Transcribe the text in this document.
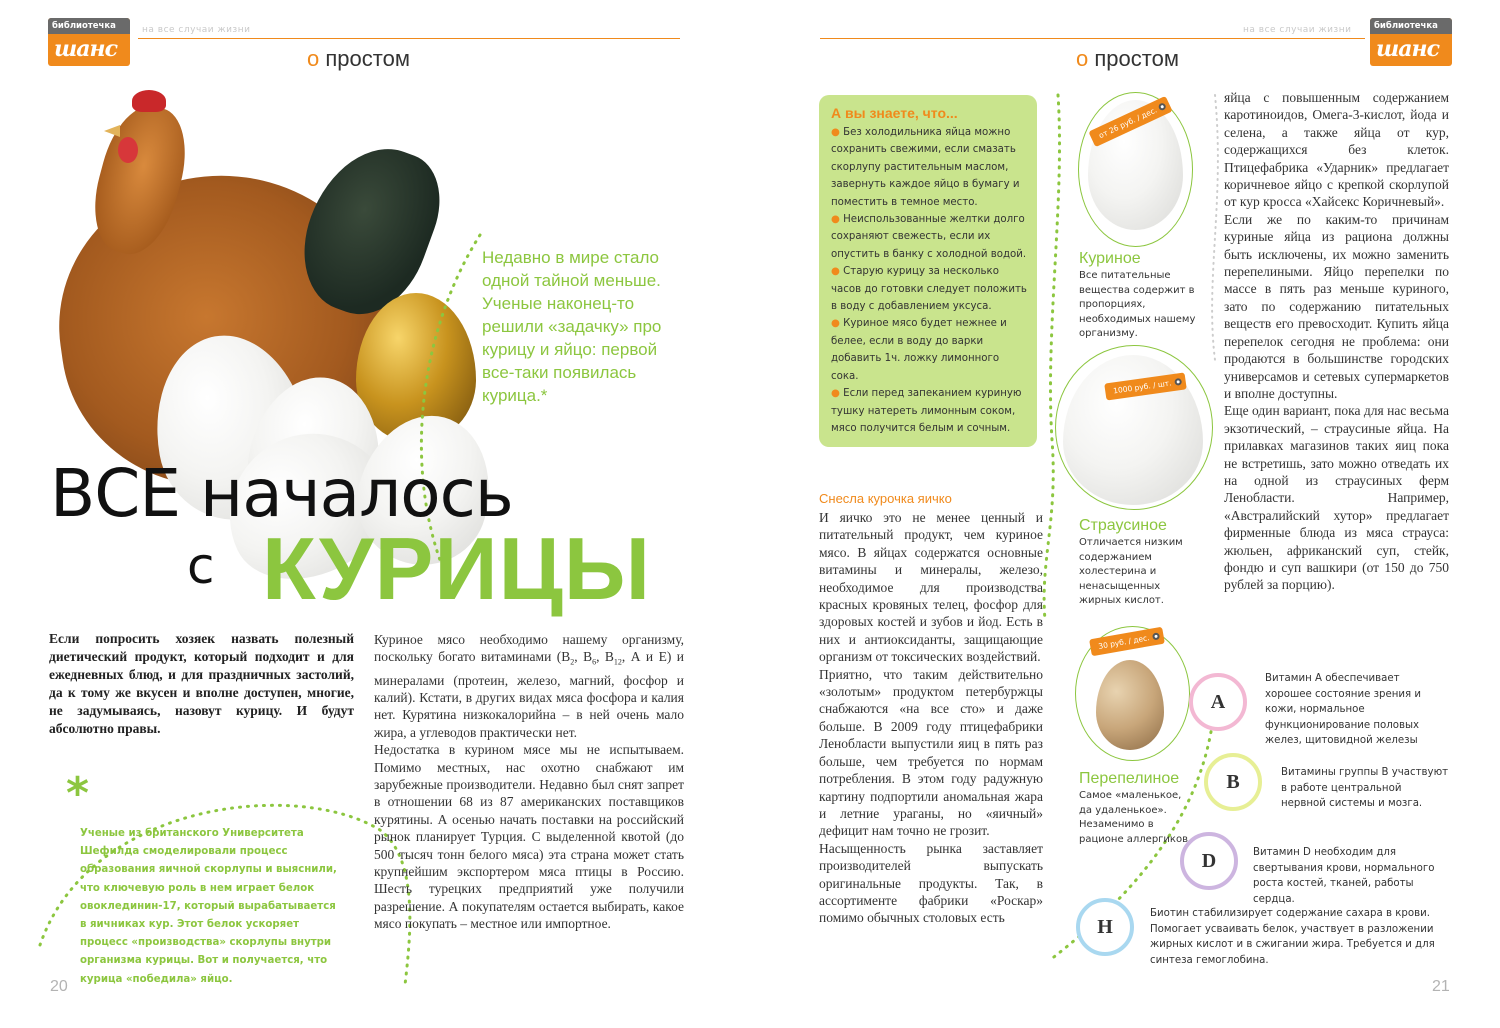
библиотечка
шанс
на все случаи жизни
о простом
Недавно в мире стало одной тайной меньше. Ученые наконец-то решили «задачку» про курицу и яйцо: первой все-таки появилась курица.*
ВСЕ началось
с КУРИЦЫ
Если попросить хозяек назвать полезный диетический продукт, который подходит и для ежедневных блюд, и для праздничных застолий, да к тому же вкусен и вполне доступен, многие, не задумываясь, назовут курицу. И будут абсолютно правы.

Куриное мясо необходимо нашему организму, поскольку богато витаминами ($В_2$, $В_6$, $В_{12}$, А и Е) и минералами (протеин, железо, магний, фосфор и калий). Кстати, в других видах мяса фосфора и калия нет. Курятина низкокалорийна – в ней очень мало жира, а углеводов практически нет.

Недостатка в курином мясе мы не испытываем. Помимо местных, нас охотно снабжают им зарубежные производители. Недавно был снят запрет в отношении 68 из 87 американских поставщиков курятины. А осенью начать поставки на российский рынок планирует Турция. С выделенной квотой (до 500 тысяч тонн белого мяса) эта страна может стать крупнейшим экспортером мяса птицы в Россию. Шесть турецких предприятий уже получили разрешение. А покупателям остается выбирать, какое мясо покупать – местное или импортное.

*
Ученые из британского Университета Шефилда смоделировали процесс образования яичной скорлупы и выяснили, что ключевую роль в нем играет белок овоклединин-17, который вырабатывается в яичниках кур. Этот белок ускоряет процесс «производства» скорлупы внутри организма курицы. Вот и получается, что курица «победила» яйцо.
20
на все случаи жизни	библиотечка
шанс
о простом
А вы знаете, что...
● Без холодильника яйца можно сохранить свежими, если смазать скорлупу растительным маслом, завернуть каждое яйцо в бумагу и поместить в темное место.
● Неиспользованные желтки долго сохраняют свежесть, если их опустить в банку с холодной водой.
● Старую курицу за несколько часов до готовки следует положить в воду с добавлением уксуса.
● Куриное мясо будет нежнее и белее, если в воду до варки добавить 1ч. ложку лимонного сока.
● Если перед запеканием куриную тушку натереть лимонным соком, мясо получится белым и сочным.
Снесла курочка яичко

И яичко это не менее ценный и питательный продукт, чем куриное мясо. В яйцах содержатся основные витамины и минералы, железо, необходимое для производства красных кровяных телец, фосфор для здоровых костей и зубов и йод. Есть в них и антиоксиданты, защищающие организм от токсических воздействий.

Приятно, что таким действительно «золотым» продуктом петербуржцы снабжаются «на все сто» и даже больше. В 2009 году птицефабрики Ленобласти выпустили яиц в пять раз больше, чем требуется по нормам потребления. В этом году радужную картину подпортили аномальная жара и летние ураганы, но «яичный» дефицит нам точно не грозит.

Насыщенность рынка заставляет производителей выпускать оригинальные продукты. Так, в ассортименте фабрики «Роскар» помимо обычных столовых есть

от 26 руб. / дес.
Куриное
Все питательные вещества содержит в пропорциях, необходимых нашему организму.
1000 руб. / шт.
Страусиное
Отличается низким содержанием холестерина и ненасыщенных жирных кислот.
30 руб. / дес.
Перепелиное
Самое «маленькое, да удаленькое». Незаменимо в рационе аллергиков

яйца с повышенным содержанием каротиноидов, Омега-3-кислот, йода и селена, а также яйца от кур, содержащихся без клеток. Птицефабрика «Ударник» предлагает коричневое яйцо с крепкой скорлупой от кур кросса «Хайсекс Коричневый».

Если же по каким-то причинам куриные яйца из рациона должны быть исключены, их можно заменить перепелиными. Яйцо перепелки по массе в пять раз меньше куриного, зато по содержанию питательных веществ его превосходит. Купить яйца перепелок сегодня не проблема: они продаются в большинстве городских универсамов и сетевых супермаркетов и вполне доступны.

Еще один вариант, пока для нас весьма экзотический, – страусиные яйца. На прилавках магазинов таких яиц пока не встретишь, зато можно отведать их на одной из страусиных ферм Ленобласти. Например, «Австралийский хутор» предлагает фирменные блюда из мяса страуса: жюльен, африканский суп, стейк, фондю и суп вашкири (от 150 до 750 рублей за порцию).

A
Витамин А обеспечивает хорошее состояние зрения и кожи, нормальное функционирование половых желез, щитовидной железы
B	Витамины группы В участвуют в работе центральной нервной системы и мозга.
D	Витамин D необходим для свертывания крови, нормального роста костей, тканей, работы сердца.
H
Биотин стабилизирует содержание сахара в крови. Помогает усваивать белок, участвует в разложении жирных кислот и в сжигании жира. Требуется и для синтеза гемоглобина.
21
